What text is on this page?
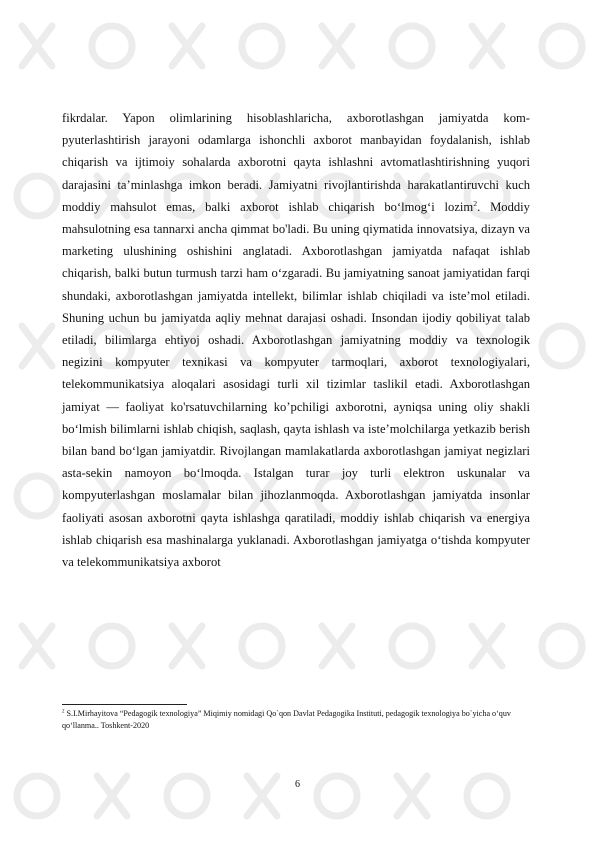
fikrdalar. Yapon olimlarining hisoblashlaricha, axborotlashgan jamiyatda kom-pyuterlashtirish jarayoni odamlarga ishonchli axborot manbayidan foydalanish, ishlab chiqarish va ijtimoiy sohalarda axborotni qayta ishlashni avtomatlashtirishning yuqori darajasini ta’minlashga imkon beradi. Jamiyatni rivojlantirishda harakatlantiruvchi kuch moddiy mahsulot emas, balki axborot ishlab chiqarish bo‘lmog‘i lozim$^2$. Moddiy mahsulotning esa tannarxi ancha qimmat bo'ladi. Bu uning qiymatida innovatsiya, dizayn va marketing ulushining oshishini anglatadi. Axborotlashgan jamiyatda nafaqat ishlab chiqarish, balki butun turmush tarzi ham o‘zgaradi. Bu jamiyatning sanoat jamiyatidan farqi shundaki, axborotlashgan jamiyatda intellekt, bilimlar ishlab chiqiladi va iste’mol etiladi. Shuning uchun bu jamiyatda aqliy mehnat darajasi oshadi. Insondan ijodiy qobiliyat talab etiladi, bilimlarga ehtiyoj oshadi. Axborotlashgan jamiyatning moddiy va texnologik negizini kompyuter texnikasi va kompyuter tarmoqlari, axborot texnologiyalari, telekommunikatsiya aloqalari asosidagi turli xil tizimlar taslikil etadi. Axborotlashgan jamiyat — faoliyat ko'rsatuvchilarning ko’pchiligi axborotni, ayniqsa uning oliy shakli bo‘lmish bilimlarni ishlab chiqish, saqlash, qayta ishlash va iste’molchilarga yetkazib berish bilan band bo‘lgan jamiyatdir. Rivojlangan mamlakatlarda axborotlashgan jamiyat negizlari asta-sekin namoyon bo‘lmoqda. Istalgan turar joy turli elektron uskunalar va kompyuterlashgan moslamalar bilan jihozlanmoqda. Axborotlashgan jamiyatda insonlar faoliyati asosan axborotni qayta ishlashga qaratiladi, moddiy ishlab chiqarish va energiya ishlab chiqarish esa mashinalarga yuklanadi. Axborotlashgan jamiyatga o‘tishda kompyuter va telekommunikatsiya axborot

$^2$ S.I.Mirhayitova “Pedagogik texnologiya” Miqimiy nomidagi Qo`qon Davlat Pedagogika Instituti, pedagogik texnologiya bo`yicha o‘quv qo‘llanma.. Toshkent-2020

6
